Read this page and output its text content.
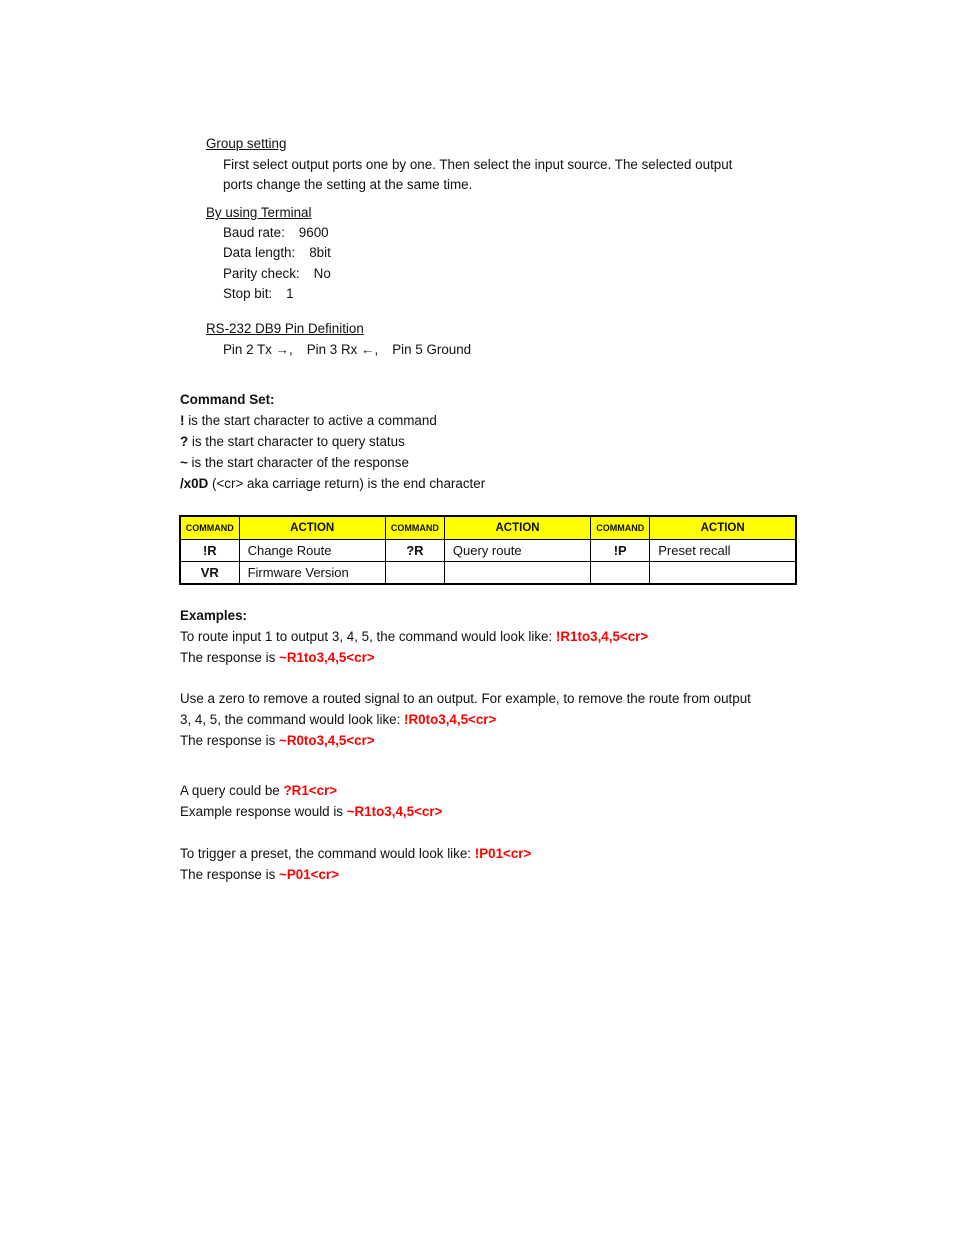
Group setting
First select output ports one by one. Then select the input source. The selected output
ports change the setting at the same time.
By using Terminal
Baud rate: 9600
Data length: 8bit
Parity check: No
Stop bit: 1
RS-232 DB9 Pin Definition
Pin 2 Tx →, Pin 3 Rx ←, Pin 5 Ground
Command Set:
! is the start character to active a command
? is the start character to query status
~ is the start character of the response
/x0D (<cr> aka carriage return) is the end character
COMMAND	ACTION	COMMAND	ACTION	COMMAND	ACTION
!R	Change Route	?R	Query route	!P	Preset recall
VR	Firmware Version				
Examples:
To route input 1 to output 3, 4, 5, the command would look like: !R1to3,4,5<cr>
The response is ~R1to3,4,5<cr>
Use a zero to remove a routed signal to an output. For example, to remove the route from output
3, 4, 5, the command would look like: !R0to3,4,5<cr>
The response is ~R0to3,4,5<cr>
A query could be ?R1<cr>
Example response would is ~R1to3,4,5<cr>
To trigger a preset, the command would look like: !P01<cr>
The response is ~P01<cr>
